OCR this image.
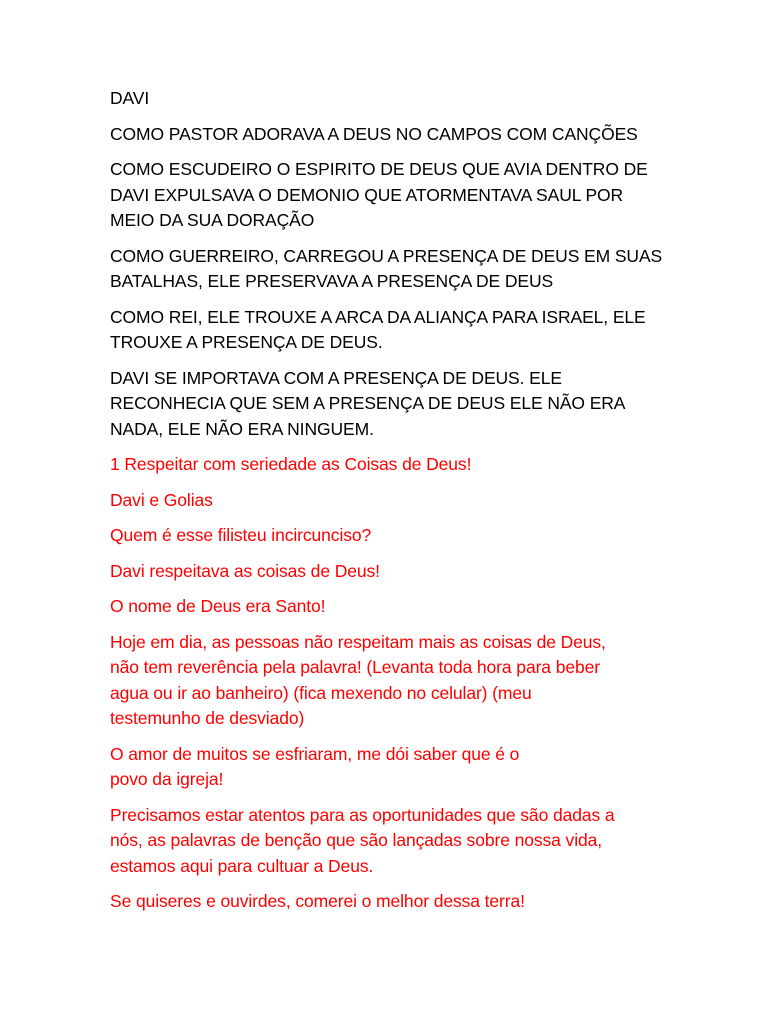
DAVI

COMO PASTOR ADORAVA A DEUS NO CAMPOS COM CANÇÕES

COMO ESCUDEIRO O ESPIRITO DE DEUS QUE AVIA DENTRO DE
DAVI EXPULSAVA O DEMONIO QUE ATORMENTAVA SAUL POR
MEIO DA SUA DORAÇÃO

COMO GUERREIRO, CARREGOU A PRESENÇA DE DEUS EM SUAS
BATALHAS, ELE PRESERVAVA A PRESENÇA DE DEUS

COMO REI, ELE TROUXE A ARCA DA ALIANÇA PARA ISRAEL, ELE
TROUXE A PRESENÇA DE DEUS.

DAVI SE IMPORTAVA COM A PRESENÇA DE DEUS. ELE
RECONHECIA QUE SEM A PRESENÇA DE DEUS ELE NÃO ERA
NADA, ELE NÃO ERA NINGUEM.

1 Respeitar com seriedade as Coisas de Deus!

Davi e Golias

Quem é esse filisteu incircunciso?

Davi respeitava as coisas de Deus!

O nome de Deus era Santo!

Hoje em dia, as pessoas não respeitam mais as coisas de Deus,
não tem reverência pela palavra! (Levanta toda hora para beber
agua ou ir ao banheiro) (fica mexendo no celular) (meu
testemunho de desviado)

O amor de muitos se esfriaram, me dói saber que é o
povo da igreja!

Precisamos estar atentos para as oportunidades que são dadas a
nós, as palavras de benção que são lançadas sobre nossa vida,
estamos aqui para cultuar a Deus.

Se quiseres e ouvirdes, comerei o melhor dessa terra!
